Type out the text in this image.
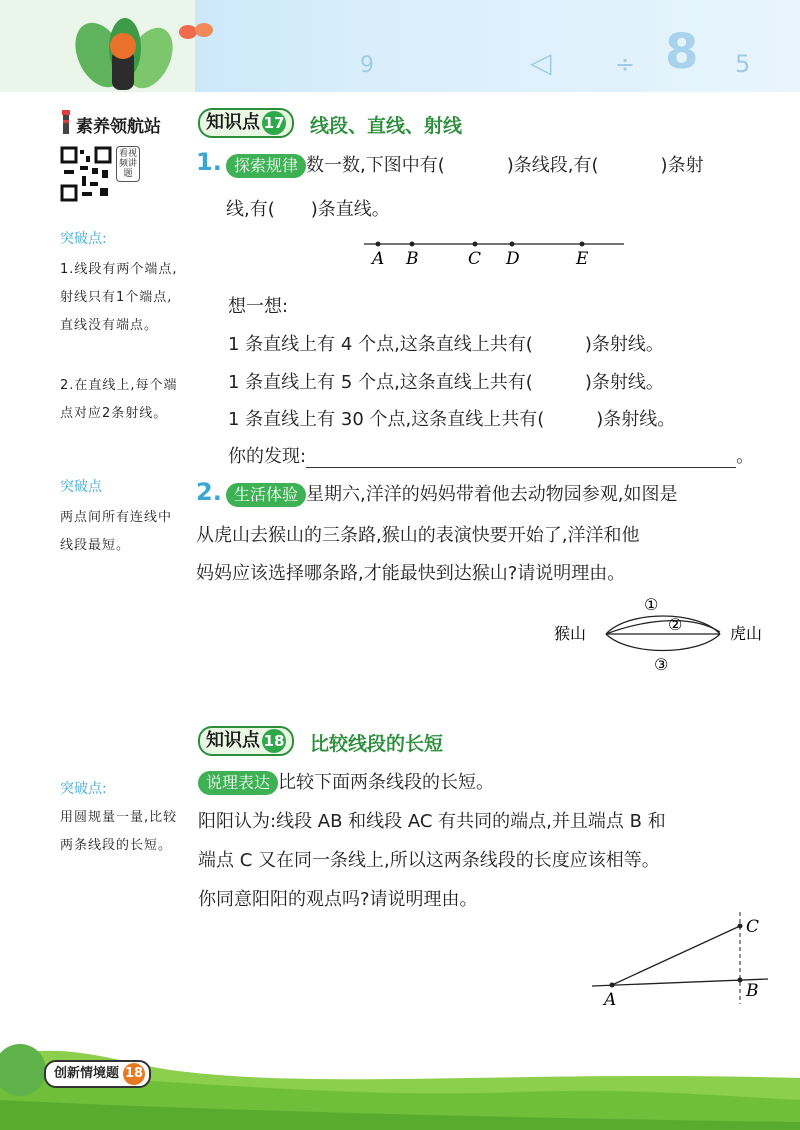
9	◁	÷ 8 5
素养领航站
看视频讲题
突破点:
1.线段有两个端点,射线只有1个端点,直线没有端点。
2.在直线上,每个端点对应2条射线。
突破点
两点间所有连线中线段最短。
突破点:
用圆规量一量,比较两条线段的长短。
知识点 17 线段、直线、射线
1. 探索规律 数一数,下图中有(	)条线段,有(	)条射
线,有(　　)条直线。
A B	C D	E
想一想:
1 条直线上有 4 个点,这条直线上共有(	)条射线。
1 条直线上有 5 个点,这条直线上共有(	)条射线。
1 条直线上有 30 个点,这条直线上共有(	)条射线。
你的发现:	。
2. 生活体验 星期六,洋洋的妈妈带着他去动物园参观,如图是
从虎山去猴山的三条路,猴山的表演快要开始了,洋洋和他
妈妈应该选择哪条路,才能最快到达猴山?请说明理由。
猴山	虎山
①
②
③
知识点 18 比较线段的长短
说理表达 比较下面两条线段的长短。
阳阳认为:线段 AB 和线段 AC 有共同的端点,并且端点 B 和
端点 C 又在同一条线上,所以这两条线段的长度应该相等。
你同意阳阳的观点吗?请说明理由。
A	B
C
创新情境题 18
